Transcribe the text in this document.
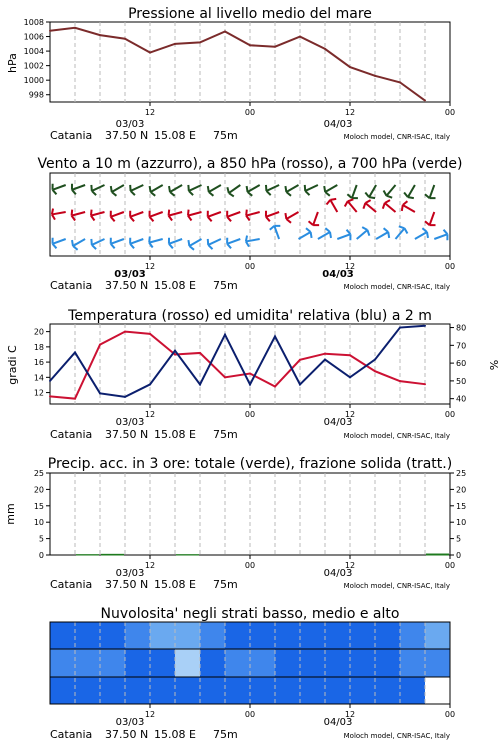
Pressione al livello medio del mare
hPa
1008
1006
1004
1002
1000
998
12	00	12	00
03/03	04/03
Catania 37.50 N 15.08 E 75m	Moloch model, CNR-ISAC, Italy
Vento a 10 m (azzurro), a 850 hPa (rosso), a 700 hPa (verde)
12	00	12	00
03/03	04/03
Catania 37.50 N 15.08 E 75m	Moloch model, CNR-ISAC, Italy
Temperatura (rosso) ed umidita' relativa (blu) a 2 m
gradi C	%
20
18
16
14
12
80
70
60
50
40
12	00	12	00
03/03	04/03
Catania 37.50 N 15.08 E 75m	Moloch model, CNR-ISAC, Italy
Precip. acc. in 3 ore: totale (verde), frazione solida (tratt.)
mm
25
20
15
10
5
0
25
20
15
10
5
0
12	00	12	00
03/03	04/03
Catania 37.50 N 15.08 E 75m	Moloch model, CNR-ISAC, Italy
Nuvolosita' negli strati basso, medio e alto
12	00	12	00
03/03	04/03
Catania 37.50 N 15.08 E 75m	Moloch model, CNR-ISAC, Italy
